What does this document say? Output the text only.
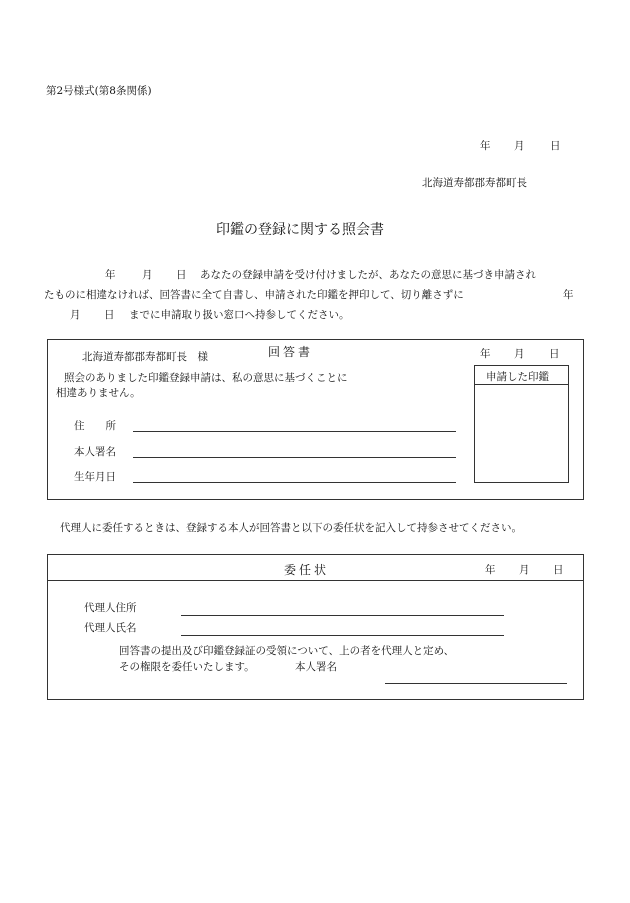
第2号様式(第8条関係)
年 月 日
北海道寿都郡寿都町長
印鑑の登録に関する照会書
年	月 日 あなたの登録申請を受け付けましたが、あなたの意思に基づき申請され
たものに相違なければ、回答書に全て自書し、申請された印鑑を押印して、切り離さずに	年
月 日 までに申請取り扱い窓口へ持参してください。
北海道寿都郡寿都町長　様	回答書	年 月 日
照会のありました印鑑登録申請は、私の意思に基づくことに
相違ありません。
申請した印鑑
住　　所
本人署名
生年月日
代理人に委任するときは、登録する本人が回答書と以下の委任状を記入して持参させてください。
委任状	年 月 日
代理人住所
代理人氏名
回答書の提出及び印鑑登録証の受領について、上の者を代理人と定め、
その権限を委任いたします。	本人署名
